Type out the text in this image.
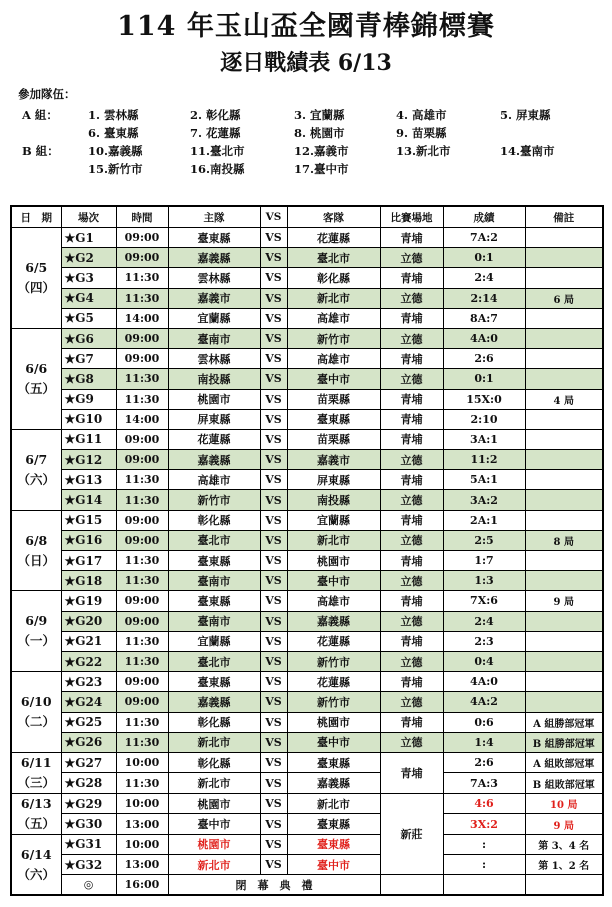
114 年玉山盃全國青棒錦標賽
逐日戰績表 6/13
參加隊伍：
A 組：
B 組：
1. 雲林縣	2. 彰化縣	3. 宜蘭縣	4. 高雄市	5. 屏東縣
6. 臺東縣	7. 花蓮縣	8. 桃園市	9. 苗栗縣
10.嘉義縣	11.臺北市	12.嘉義市	13.新北市	14.臺南市
15.新竹市	16.南投縣	17.臺中市
日　期	場次	時間	主隊	VS	客隊	比賽場地	成績	備註

6/5
（四）	★G1	09:00	臺東縣	VS	花蓮縣	青埔	7A:2	
	★G2	09:00	嘉義縣	VS	臺北市	立德	0:1	
	★G3	11:30	雲林縣	VS	彰化縣	青埔	2:4	
	★G4	11:30	嘉義市	VS	新北市	立德	2:14	6 局
	★G5	14:00	宜蘭縣	VS	高雄市	青埔	8A:7	

6/6
（五）	★G6	09:00	臺南市	VS	新竹市	立德	4A:0	
	★G7	09:00	雲林縣	VS	高雄市	青埔	2:6	
	★G8	11:30	南投縣	VS	臺中市	立德	0:1	
	★G9	11:30	桃園市	VS	苗栗縣	青埔	15X:0	4 局
	★G10	14:00	屏東縣	VS	臺東縣	青埔	2:10	

6/7
（六）	★G11	09:00	花蓮縣	VS	苗栗縣	青埔	3A:1	
	★G12	09:00	嘉義縣	VS	嘉義市	立德	11:2	
	★G13	11:30	高雄市	VS	屏東縣	青埔	5A:1	
	★G14	11:30	新竹市	VS	南投縣	立德	3A:2	

6/8
（日）	★G15	09:00	彰化縣	VS	宜蘭縣	青埔	2A:1	
	★G16	09:00	臺北市	VS	新北市	立德	2:5	8 局
	★G17	11:30	臺東縣	VS	桃園市	青埔	1:7	
	★G18	11:30	臺南市	VS	臺中市	立德	1:3	

6/9
（一）	★G19	09:00	臺東縣	VS	高雄市	青埔	7X:6	9 局
	★G20	09:00	臺南市	VS	嘉義縣	立德	2:4	
	★G21	11:30	宜蘭縣	VS	花蓮縣	青埔	2:3	
	★G22	11:30	臺北市	VS	新竹市	立德	0:4	

6/10
（二）	★G23	09:00	臺東縣	VS	花蓮縣	青埔	4A:0	
	★G24	09:00	嘉義縣	VS	新竹市	立德	4A:2	
	★G25	11:30	彰化縣	VS	桃園市	青埔	0:6	A 組勝部冠軍
	★G26	11:30	新北市	VS	臺中市	立德	1:4	B 組勝部冠軍

6/11
（三）	★G27	10:00	彰化縣	VS	臺東縣	青埔	2:6	A 組敗部冠軍
	★G28	11:30	新北市	VS	嘉義縣		7A:3	B 組敗部冠軍

6/13
（五）	★G29	10:00	桃園市	VS	新北市	新莊	4:6	10 局
	★G30	13:00	臺中市	VS	臺東縣		3X:2	9 局

6/14
（六）	★G31	10:00	桃園市	VS	臺東縣		:	第 3、4 名
	★G32	13:00	新北市	VS	臺中市		:	第 1、2 名
	◎	16:00	閉　幕　典　禮					
